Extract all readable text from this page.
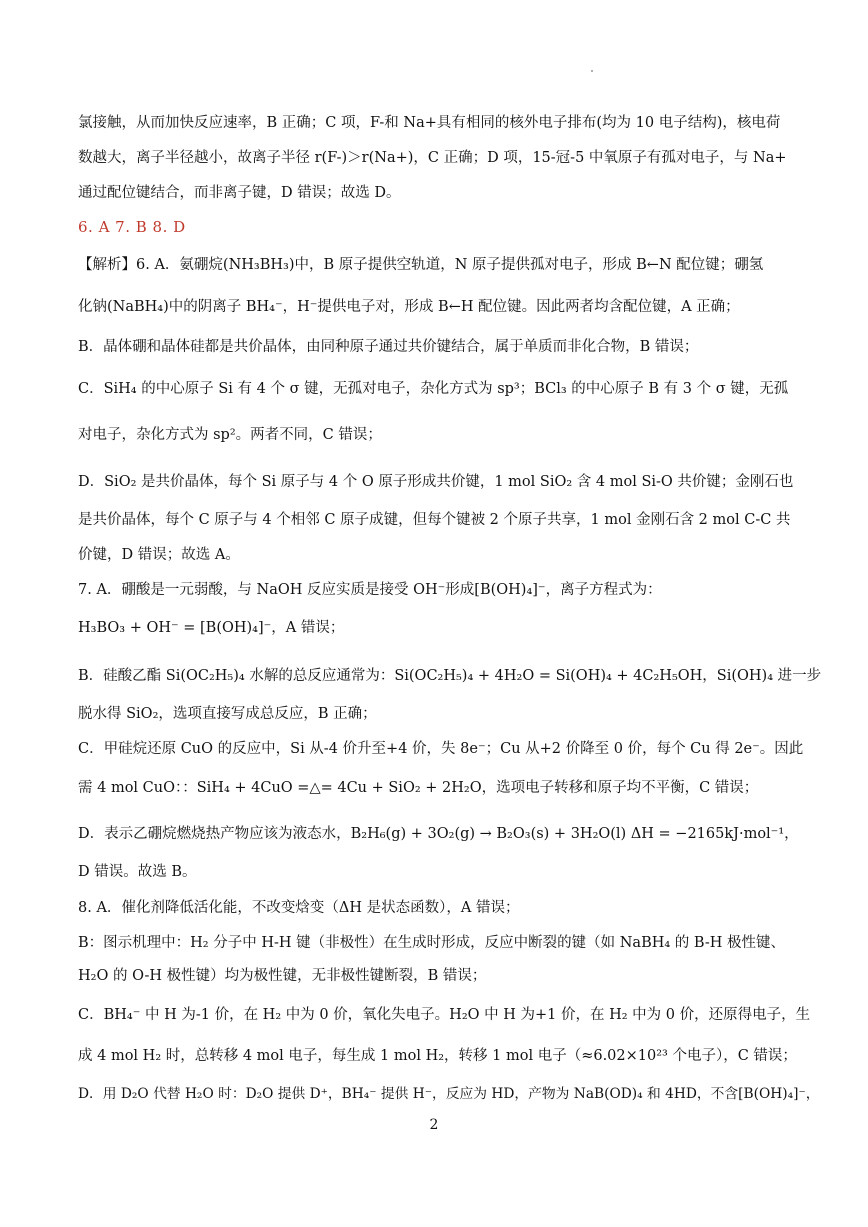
氯接触，从而加快反应速率，B 正确；C 项，F-和 Na+具有相同的核外电子排布(均为 10 电子结构)，核电荷
数越大，离子半径越小，故离子半径 r(F-)＞r(Na+)，C 正确；D 项，15-冠-5 中氧原子有孤对电子，与 Na+
通过配位键结合，而非离子键，D 错误；故选 D。
6. A 7. B 8. D
【解析】6. A．氨硼烷(NH₃BH₃)中，B 原子提供空轨道，N 原子提供孤对电子，形成 B←N 配位键；硼氢
化钠(NaBH₄)中的阴离子 BH₄⁻，H⁻提供电子对，形成 B←H 配位键。因此两者均含配位键，A 正确；
B．晶体硼和晶体硅都是共价晶体，由同种原子通过共价键结合，属于单质而非化合物，B 错误；
C．SiH₄ 的中心原子 Si 有 4 个 σ 键，无孤对电子，杂化方式为 sp³；BCl₃ 的中心原子 B 有 3 个 σ 键，无孤
对电子，杂化方式为 sp²。两者不同，C 错误；
D．SiO₂ 是共价晶体，每个 Si 原子与 4 个 O 原子形成共价键，1 mol SiO₂ 含 4 mol Si-O 共价键；金刚石也
是共价晶体，每个 C 原子与 4 个相邻 C 原子成键，但每个键被 2 个原子共享，1 mol 金刚石含 2 mol C-C 共
价键，D 错误；故选 A。
7. A．硼酸是一元弱酸，与 NaOH 反应实质是接受 OH⁻形成[B(OH)₄]⁻，离子方程式为：
H₃BO₃ + OH⁻ = [B(OH)₄]⁻，A 错误；
B．硅酸乙酯 Si(OC₂H₅)₄ 水解的总反应通常为：Si(OC₂H₅)₄ + 4H₂O = Si(OH)₄ + 4C₂H₅OH，Si(OH)₄ 进一步
脱水得 SiO₂，选项直接写成总反应，B 正确；
C．甲硅烷还原 CuO 的反应中，Si 从-4 价升至+4 价，失 8e⁻；Cu 从+2 价降至 0 价，每个 Cu 得 2e⁻。因此
需 4 mol CuO：：SiH₄ + 4CuO =△= 4Cu + SiO₂ + 2H₂O，选项电子转移和原子均不平衡，C 错误；
D．表示乙硼烷燃烧热产物应该为液态水，B₂H₆(g) + 3O₂(g) → B₂O₃(s) + 3H₂O(l) ΔH = −2165kJ·mol⁻¹，
D 错误。故选 B。
8. A．催化剂降低活化能，不改变焓变（ΔH 是状态函数），A 错误；
B：图示机理中：H₂ 分子中 H-H 键（非极性）在生成时形成，反应中断裂的键（如 NaBH₄ 的 B-H 极性键、
H₂O 的 O-H 极性键）均为极性键，无非极性键断裂，B 错误；
C．BH₄⁻ 中 H 为-1 价，在 H₂ 中为 0 价，氧化失电子。H₂O 中 H 为+1 价，在 H₂ 中为 0 价，还原得电子，生
成 4 mol H₂ 时，总转移 4 mol 电子，每生成 1 mol H₂，转移 1 mol 电子（≈6.02×10²³ 个电子），C 错误；
D．用 D₂O 代替 H₂O 时：D₂O 提供 D⁺，BH₄⁻ 提供 H⁻，反应为 HD，产物为 NaB(OD)₄ 和 4HD，不含[B(OH)₄]⁻，
2
